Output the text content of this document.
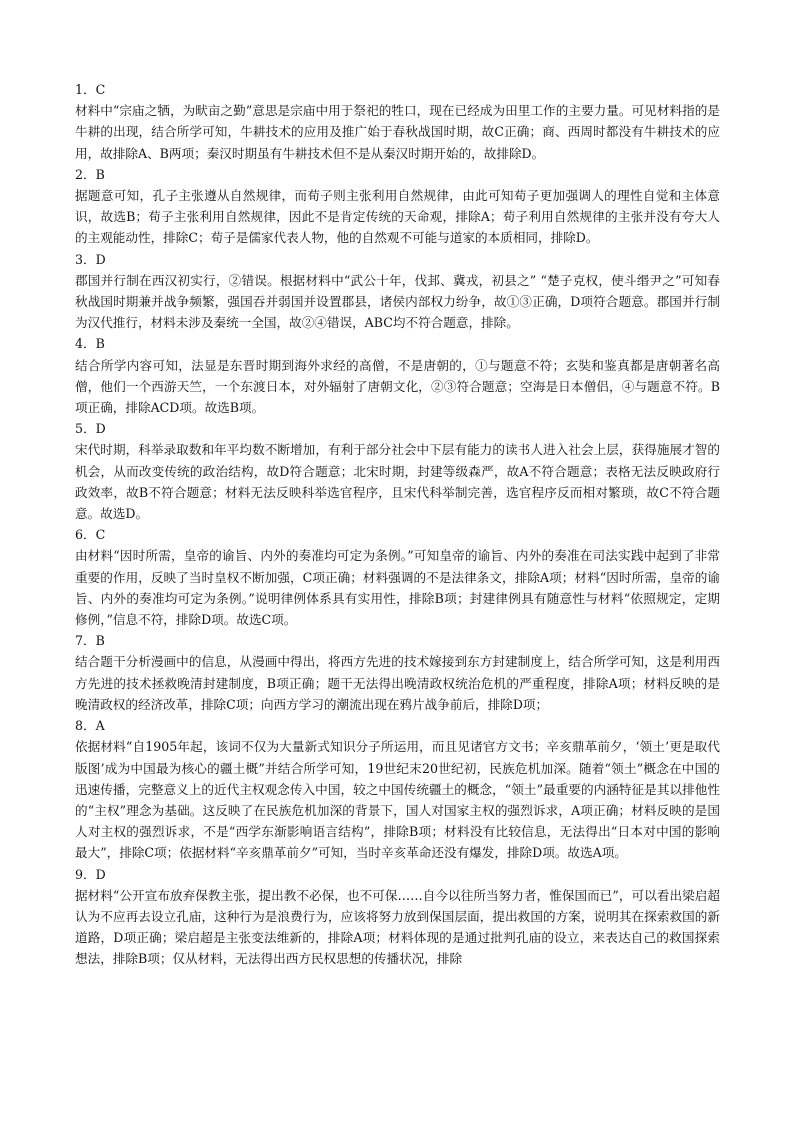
1．C
材料中“宗庙之牺，为畎亩之勤”意思是宗庙中用于祭祀的牲口，现在已经成为田里工作的主要力量。可见材料指的是牛耕的出现，结合所学可知，牛耕技术的应用及推广始于春秋战国时期，故C正确；商、西周时都没有牛耕技术的应用，故排除A、B两项；秦汉时期虽有牛耕技术但不是从秦汉时期开始的，故排除D。
2．B
据题意可知，孔子主张遵从自然规律，而荀子则主张利用自然规律，由此可知荀子更加强调人的理性自觉和主体意识，故选B；荀子主张利用自然规律，因此不是肯定传统的天命观，排除A；荀子利用自然规律的主张并没有夸大人的主观能动性，排除C；荀子是儒家代表人物，他的自然观不可能与道家的本质相同，排除D。
3．D
郡国并行制在西汉初实行，②错误。根据材料中“武公十年，伐邽、冀戎，初县之” “楚子克权，使斗缗尹之”可知春秋战国时期兼并战争频繁，强国吞并弱国并设置郡县，诸侯内部权力纷争，故①③正确，D项符合题意。郡国并行制为汉代推行，材料未涉及秦统一全国，故②④错误，ABC均不符合题意，排除。
4．B
结合所学内容可知，法显是东晋时期到海外求经的高僧，不是唐朝的，①与题意不符；玄奘和鉴真都是唐朝著名高僧，他们一个西游天竺，一个东渡日本，对外辐射了唐朝文化，②③符合题意；空海是日本僧侣，④与题意不符。B项正确，排除ACD项。故选B项。
5．D
宋代时期，科举录取数和年平均数不断增加，有利于部分社会中下层有能力的读书人进入社会上层，获得施展才智的机会，从而改变传统的政治结构，故D符合题意；北宋时期，封建等级森严，故A不符合题意；表格无法反映政府行政效率，故B不符合题意；材料无法反映科举选官程序，且宋代科举制完善，选官程序反而相对繁琐，故C不符合题意。故选D。
6．C
由材料“因时所需，皇帝的谕旨、内外的奏准均可定为条例。”可知皇帝的谕旨、内外的奏准在司法实践中起到了非常重要的作用，反映了当时皇权不断加强，C项正确；材料强调的不是法律条文，排除A项；材料“因时所需，皇帝的谕旨、内外的奏准均可定为条例。”说明律例体系具有实用性，排除B项；封建律例具有随意性与材料“依照规定，定期修例，”信息不符，排除D项。故选C项。
7．B
结合题干分析漫画中的信息，从漫画中得出，将西方先进的技术嫁接到东方封建制度上，结合所学可知，这是利用西方先进的技术拯救晚清封建制度，B项正确；题干无法得出晚清政权统治危机的严重程度，排除A项；材料反映的是晚清政权的经济改革，排除C项；向西方学习的潮流出现在鸦片战争前后，排除D项；
8．A
依据材料“自1905年起，该词不仅为大量新式知识分子所运用，而且见诸官方文书；辛亥鼎革前夕，‘领土’更是取代版图’成为中国最为核心的疆土概”并结合所学可知，19世纪末20世纪初，民族危机加深。随着“领土”概念在中国的迅速传播，完整意义上的近代主权观念传入中国，较之中国传统疆土的概念，“领土”最重要的内涵特征是其以排他性的“主权”理念为基础。这反映了在民族危机加深的背景下，国人对国家主权的强烈诉求，A项正确；材料反映的是国人对主权的强烈诉求，不是“西学东渐影响语言结构”，排除B项；材料没有比较信息，无法得出“日本对中国的影响最大”，排除C项；依据材料“辛亥鼎革前夕”可知，当时辛亥革命还没有爆发，排除D项。故选A项。
9．D
据材料“公开宣布放弃保教主张，提出教不必保，也不可保……自今以往所当努力者，惟保国而已”，可以看出梁启超认为不应再去设立孔庙，这种行为是浪费行为，应该将努力放到保国层面，提出救国的方案，说明其在探索救国的新道路，D项正确；梁启超是主张变法维新的，排除A项；材料体现的是通过批判孔庙的设立，来表达自己的救国探索想法，排除B项；仅从材料，无法得出西方民权思想的传播状况，排除
